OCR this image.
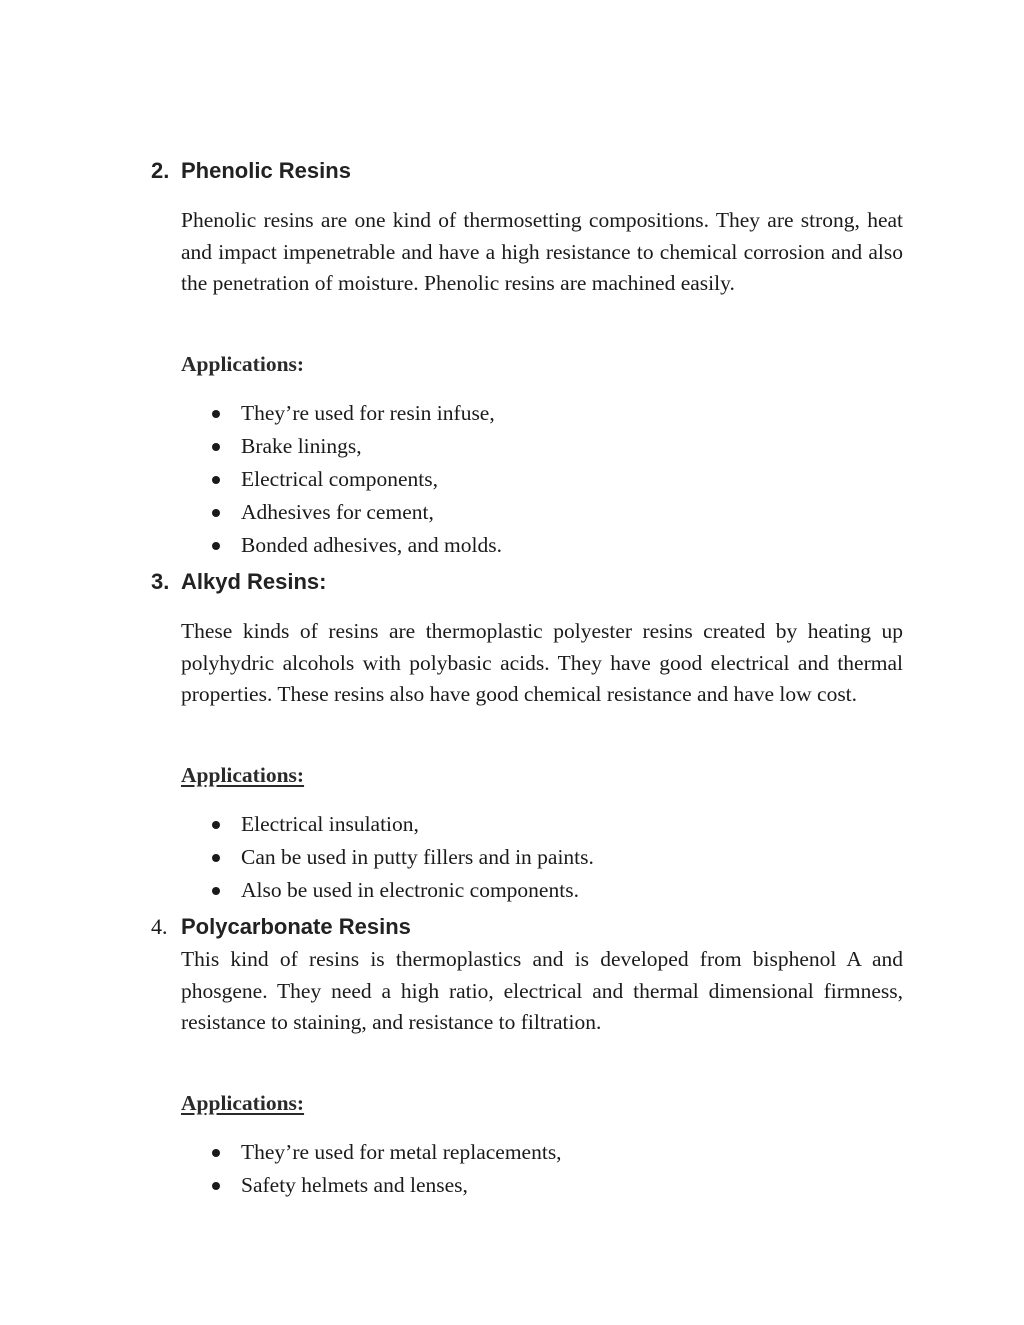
2. Phenolic Resins

Phenolic resins are one kind of thermosetting compositions. They are strong, heat and impact impenetrable and have a high resistance to chemical corrosion and also the penetration of moisture. Phenolic resins are machined easily.

Applications:

They’re used for resin infuse,
Brake linings,
Electrical components,
Adhesives for cement,
Bonded adhesives, and molds.
3. Alkyd Resins:

These kinds of resins are thermoplastic polyester resins created by heating up polyhydric alcohols with polybasic acids. They have good electrical and thermal properties. These resins also have good chemical resistance and have low cost.

Applications:

Electrical insulation,
Can be used in putty fillers and in paints.
Also be used in electronic components.
4. Polycarbonate Resins

This kind of resins is thermoplastics and is developed from bisphenol A and phosgene. They need a high ratio, electrical and thermal dimensional firmness, resistance to staining, and resistance to filtration.

Applications:

They’re used for metal replacements,
Safety helmets and lenses,
